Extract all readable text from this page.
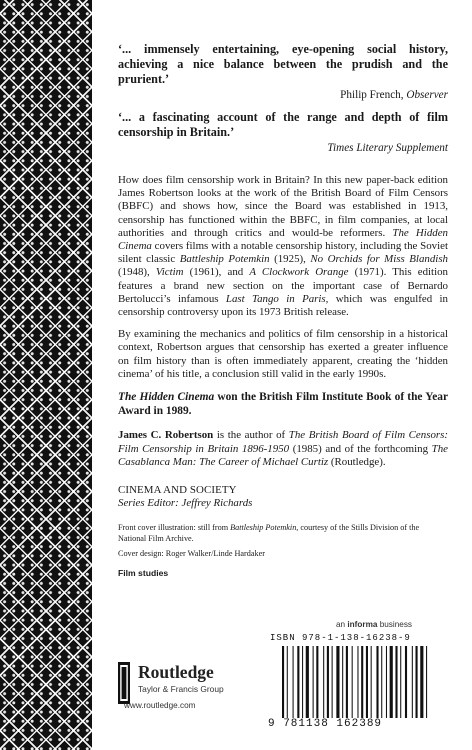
‘... immensely entertaining, eye-opening social history, achieving a nice balance between the prudish and the prurient.’

Philip French, Observer

‘... a fascinating account of the range and depth of film censorship in Britain.’

Times Literary Supplement

How does film censorship work in Britain? In this new paper-back edition James Robertson looks at the work of the British Board of Film Censors (BBFC) and shows how, since the Board was established in 1913, censorship has functioned within the BBFC, in film companies, at local authorities and through critics and would-be reformers. The Hidden Cinema covers films with a notable censorship history, including the Soviet silent classic Battleship Potemkin (1925), No Orchids for Miss Blandish (1948), Victim (1961), and A Clockwork Orange (1971). This edition features a brand new section on the important case of Bernardo Bertolucci’s infamous Last Tango in Paris, which was engulfed in censorship controversy upon its 1973 British release.

By examining the mechanics and politics of film censorship in a historical context, Robertson argues that censorship has exerted a greater influence on film history than is often immediately apparent, creating the ‘hidden cinema’ of his title, a conclusion still valid in the early 1990s.

The Hidden Cinema won the British Film Institute Book of the Year Award in 1989.

James C. Robertson is the author of The British Board of Film Censors: Film Censorship in Britain 1896-1950 (1985) and of the forthcoming The Casablanca Man: The Career of Michael Curtiz (Routledge).

CINEMA AND SOCIETY
Series Editor: Jeffrey Richards

Front cover illustration: still from Battleship Potemkin, courtesy of the Stills Division of the National Film Archive.

Cover design: Roger Walker/Linde Hardaker

Film studies
an informa business
ISBN 978-1-138-16238-9
9 781138 162389
Routledge
Taylor & Francis Group
www.routledge.com
